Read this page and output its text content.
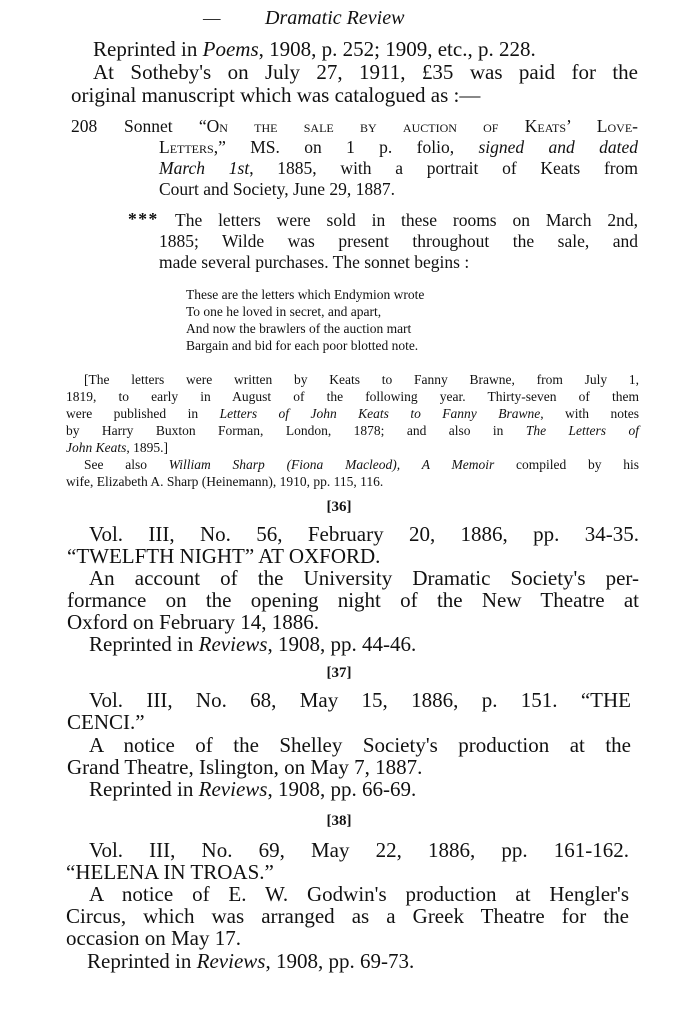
— Dramatic Review
Reprinted in Poems, 1908, p. 252; 1909, etc., p. 228.
At Sotheby's on July 27, 1911, £35 was paid for the
original manuscript which was catalogued as :—
208 Sonnet “On the sale by auction of Keats’ Love-
Letters,” MS. on 1 p. folio, signed and dated
March 1st, 1885, with a portrait of Keats from
Court and Society, June 29, 1887.
* * * The letters were sold in these rooms on March 2nd,
1885; Wilde was present throughout the sale, and
made several purchases. The sonnet begins :
These are the letters which Endymion wrote
To one he loved in secret, and apart,
And now the brawlers of the auction mart
Bargain and bid for each poor blotted note.
[The letters were written by Keats to Fanny Brawne, from July 1,
1819, to early in August of the following year. Thirty-seven of them
were published in Letters of John Keats to Fanny Brawne, with notes
by Harry Buxton Forman, London, 1878; and also in The Letters of
John Keats, 1895.]
See also William Sharp (Fiona Macleod), A Memoir compiled by his
wife, Elizabeth A. Sharp (Heinemann), 1910, pp. 115, 116.
[36]
Vol. III, No. 56, February 20, 1886, pp. 34-35.
“TWELFTH NIGHT” AT OXFORD.
An account of the University Dramatic Society's per-
formance on the opening night of the New Theatre at
Oxford on February 14, 1886.
Reprinted in Reviews, 1908, pp. 44-46.
[37]
Vol. III, No. 68, May 15, 1886, p. 151. “THE
CENCI.”
A notice of the Shelley Society's production at the
Grand Theatre, Islington, on May 7, 1887.
Reprinted in Reviews, 1908, pp. 66-69.
[38]
Vol. III, No. 69, May 22, 1886, pp. 161-162.
“HELENA IN TROAS.”
A notice of E. W. Godwin's production at Hengler's
Circus, which was arranged as a Greek Theatre for the
occasion on May 17.
Reprinted in Reviews, 1908, pp. 69-73.
